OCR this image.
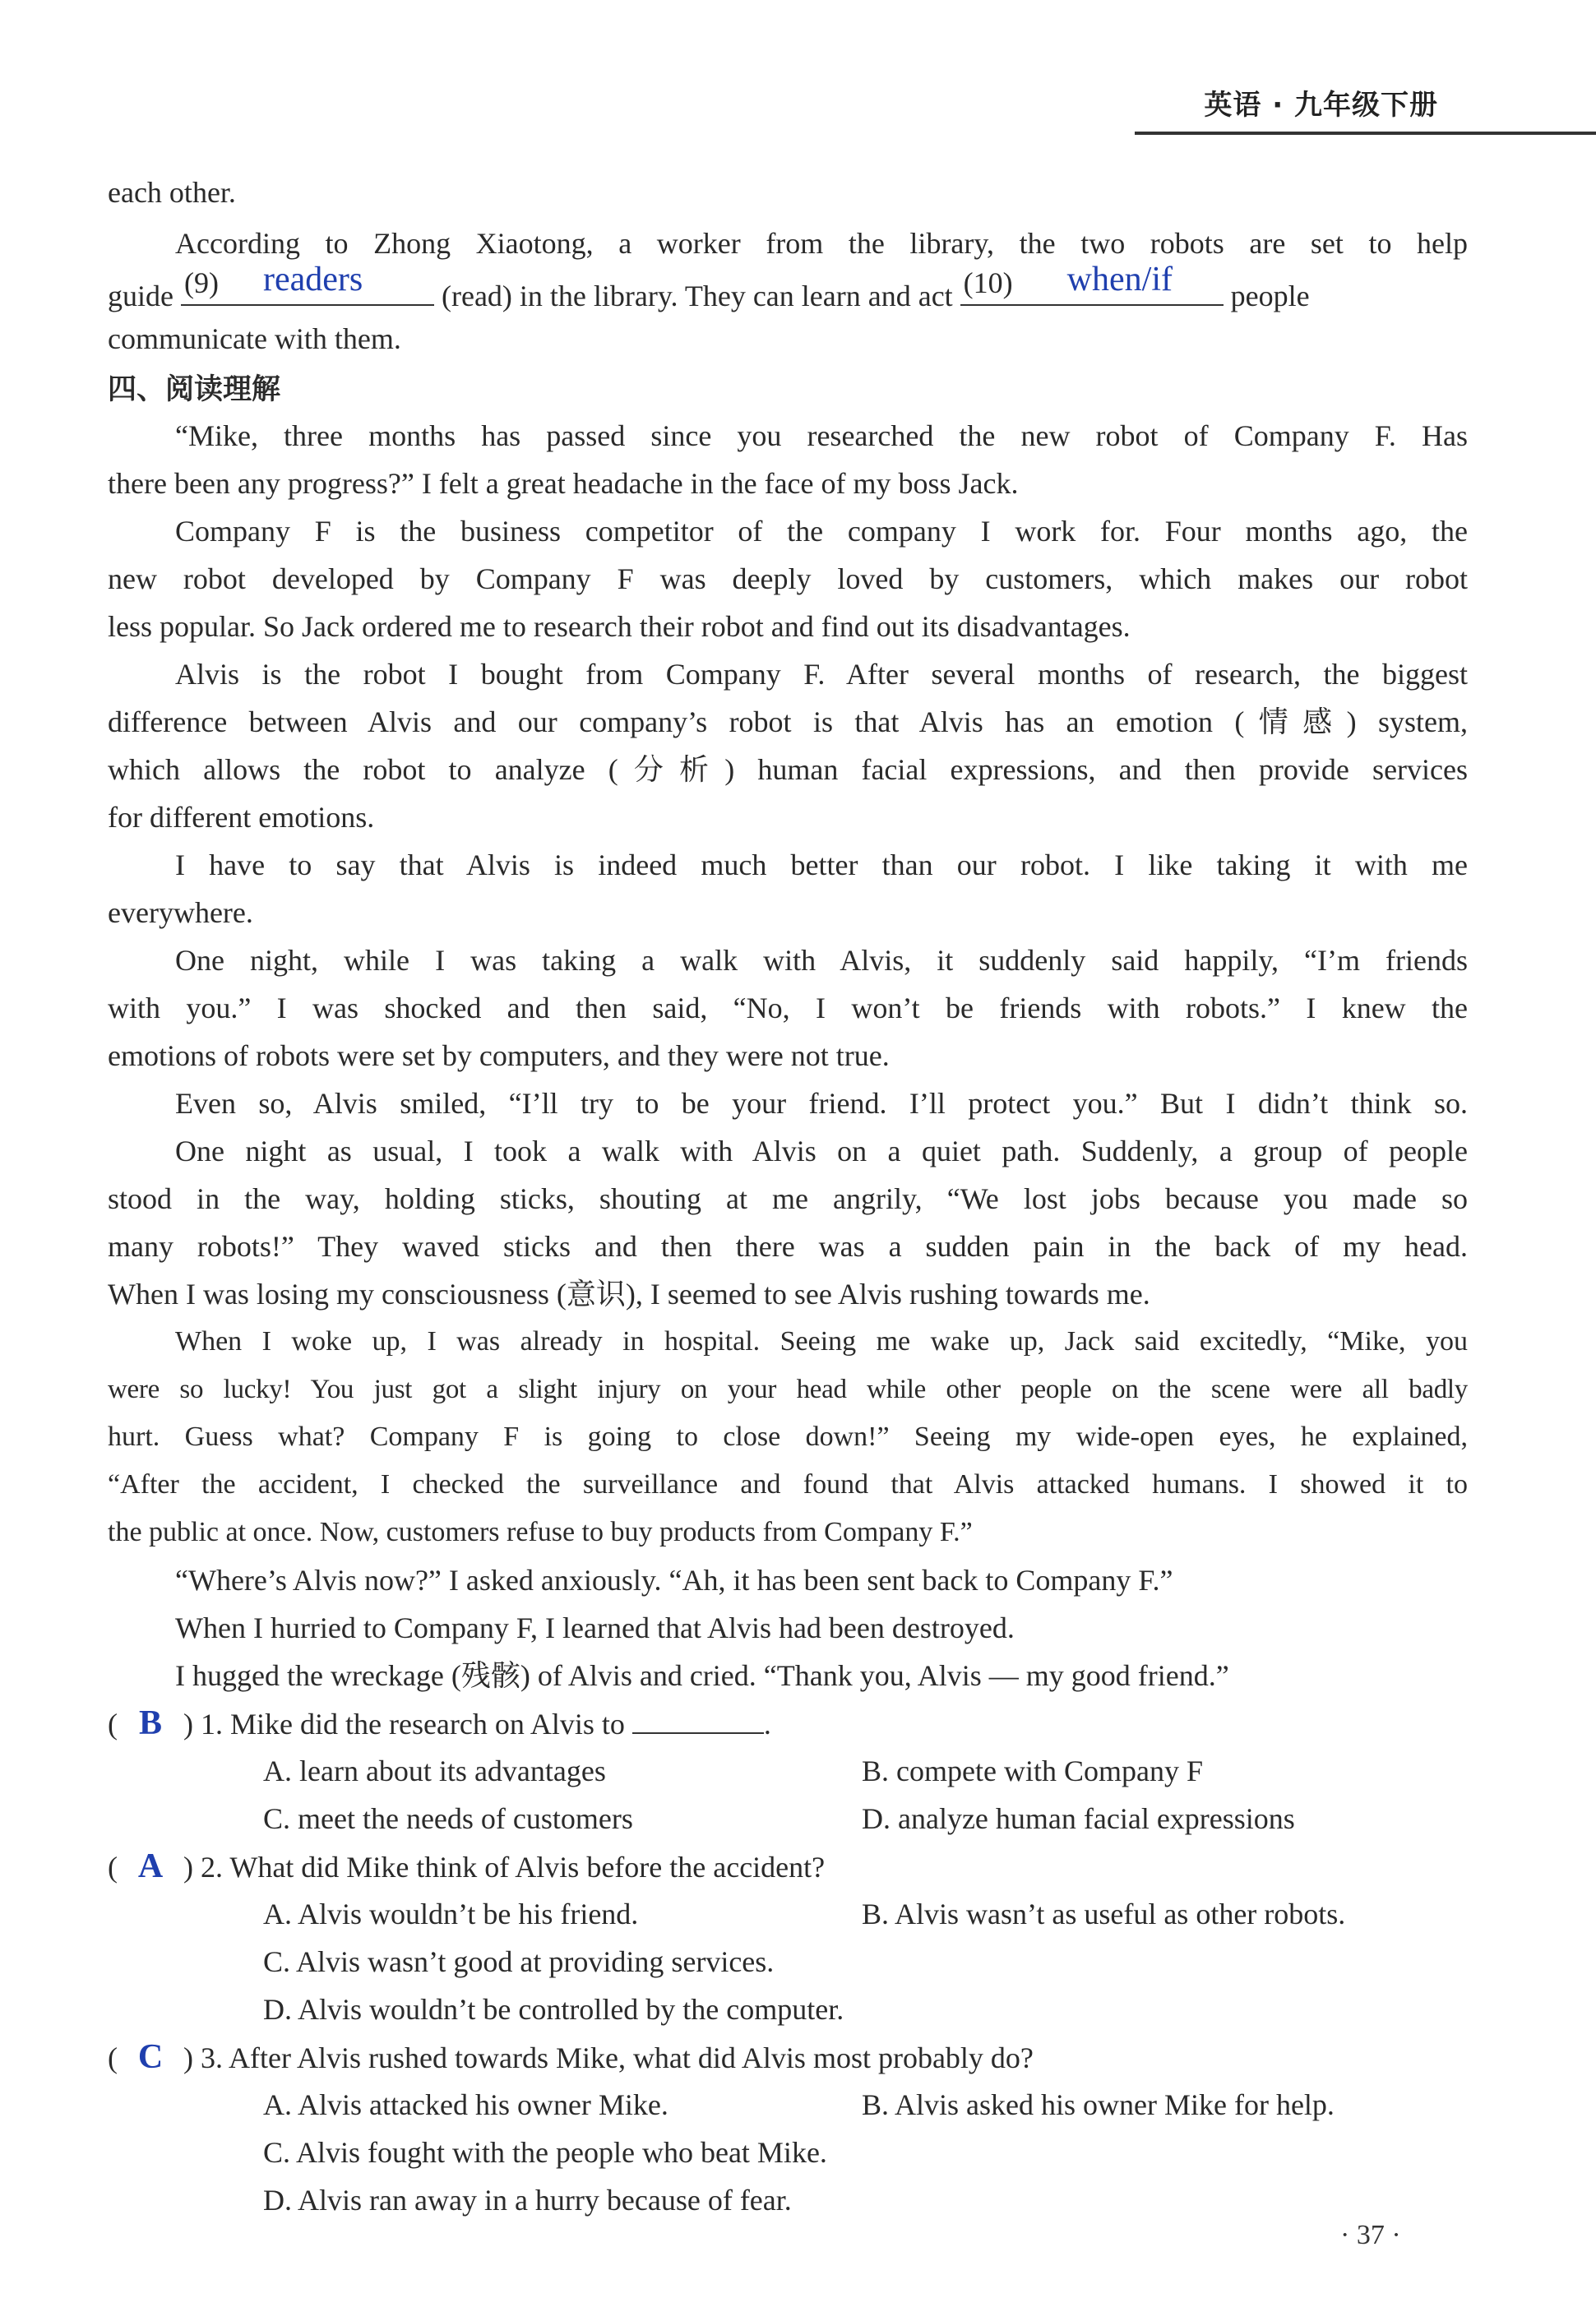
英语 · 九年级下册
each other.
According to Zhong Xiaotong, a worker from the library, the two robots are set to help
guide (9) readers	(read) in the library. They can learn and act (10) when/if people
communicate with them.
四、阅读理解
“Mike, three months has passed since you researched the new robot of Company F. Has
there been any progress?” I felt a great headache in the face of my boss Jack.
Company F is the business competitor of the company I work for. Four months ago, the
new robot developed by Company F was deeply loved by customers, which makes our robot
less popular. So Jack ordered me to research their robot and find out its disadvantages.
Alvis is the robot I bought from Company F. After several months of research, the biggest
difference between Alvis and our company’s robot is that Alvis has an emotion (情感) system,
which allows the robot to analyze (分析) human facial expressions, and then provide services
for different emotions.
I have to say that Alvis is indeed much better than our robot. I like taking it with me
everywhere.
One night, while I was taking a walk with Alvis, it suddenly said happily, “I’m friends
with you.” I was shocked and then said, “No, I won’t be friends with robots.” I knew the
emotions of robots were set by computers, and they were not true.
Even so, Alvis smiled, “I’ll try to be your friend. I’ll protect you.” But I didn’t think so.
One night as usual, I took a walk with Alvis on a quiet path. Suddenly, a group of people
stood in the way, holding sticks, shouting at me angrily, “We lost jobs because you made so
many robots!” They waved sticks and then there was a sudden pain in the back of my head.
When I was losing my consciousness (意识), I seemed to see Alvis rushing towards me.
When I woke up, I was already in hospital. Seeing me wake up, Jack said excitedly, “Mike, you
were so lucky! You just got a slight injury on your head while other people on the scene were all badly
hurt. Guess what? Company F is going to close down!” Seeing my wide-open eyes, he explained,
“After the accident, I checked the surveillance and found that Alvis attacked humans. I showed it to
the public at once. Now, customers refuse to buy products from Company F.”
“Where’s Alvis now?” I asked anxiously. “Ah, it has been sent back to Company F.”
When I hurried to Company F, I learned that Alvis had been destroyed.
I hugged the wreckage (残骸) of Alvis and cried. “Thank you, Alvis — my good friend.”
( B ) 1. Mike did the research on Alvis to	.
A. learn about its advantages	B. compete with Company F
C. meet the needs of customers	D. analyze human facial expressions
( A ) 2. What did Mike think of Alvis before the accident?
A. Alvis wouldn’t be his friend.	B. Alvis wasn’t as useful as other robots.
C. Alvis wasn’t good at providing services.
D. Alvis wouldn’t be controlled by the computer.
( C ) 3. After Alvis rushed towards Mike, what did Alvis most probably do?
A. Alvis attacked his owner Mike.	B. Alvis asked his owner Mike for help.
C. Alvis fought with the people who beat Mike.
D. Alvis ran away in a hurry because of fear.
· 37 ·
